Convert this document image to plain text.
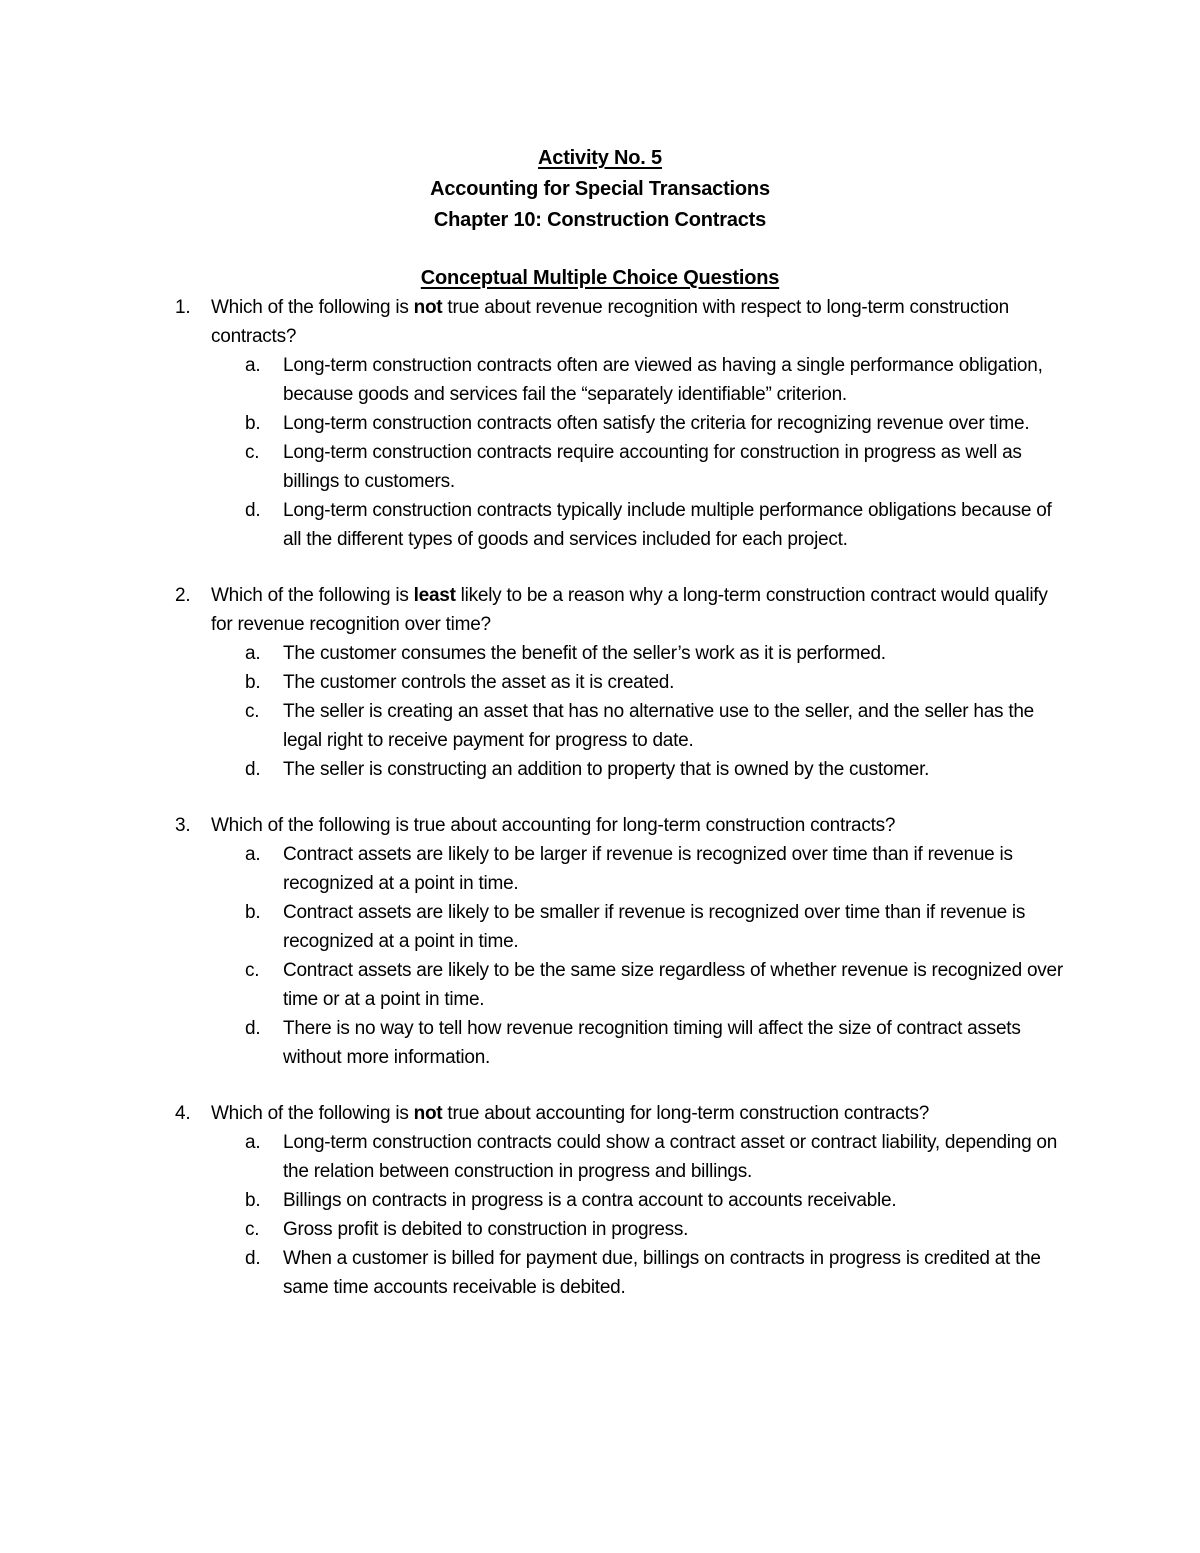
Activity No. 5
Accounting for Special Transactions
Chapter 10: Construction Contracts
Conceptual Multiple Choice Questions
1. Which of the following is not true about revenue recognition with respect to long-term construction contracts?
a. Long-term construction contracts often are viewed as having a single performance obligation, because goods and services fail the “separately identifiable” criterion.
b. Long-term construction contracts often satisfy the criteria for recognizing revenue over time.
c. Long-term construction contracts require accounting for construction in progress as well as billings to customers.
d. Long-term construction contracts typically include multiple performance obligations because of all the different types of goods and services included for each project.
2. Which of the following is least likely to be a reason why a long-term construction contract would qualify for revenue recognition over time?
a. The customer consumes the benefit of the seller’s work as it is performed.
b. The customer controls the asset as it is created.
c. The seller is creating an asset that has no alternative use to the seller, and the seller has the legal right to receive payment for progress to date.
d. The seller is constructing an addition to property that is owned by the customer.
3. Which of the following is true about accounting for long-term construction contracts?
a. Contract assets are likely to be larger if revenue is recognized over time than if revenue is recognized at a point in time.
b. Contract assets are likely to be smaller if revenue is recognized over time than if revenue is recognized at a point in time.
c. Contract assets are likely to be the same size regardless of whether revenue is recognized over time or at a point in time.
d. There is no way to tell how revenue recognition timing will affect the size of contract assets without more information.
4. Which of the following is not true about accounting for long-term construction contracts?
a. Long-term construction contracts could show a contract asset or contract liability, depending on the relation between construction in progress and billings.
b. Billings on contracts in progress is a contra account to accounts receivable.
c. Gross profit is debited to construction in progress.
d. When a customer is billed for payment due, billings on contracts in progress is credited at the same time accounts receivable is debited.
